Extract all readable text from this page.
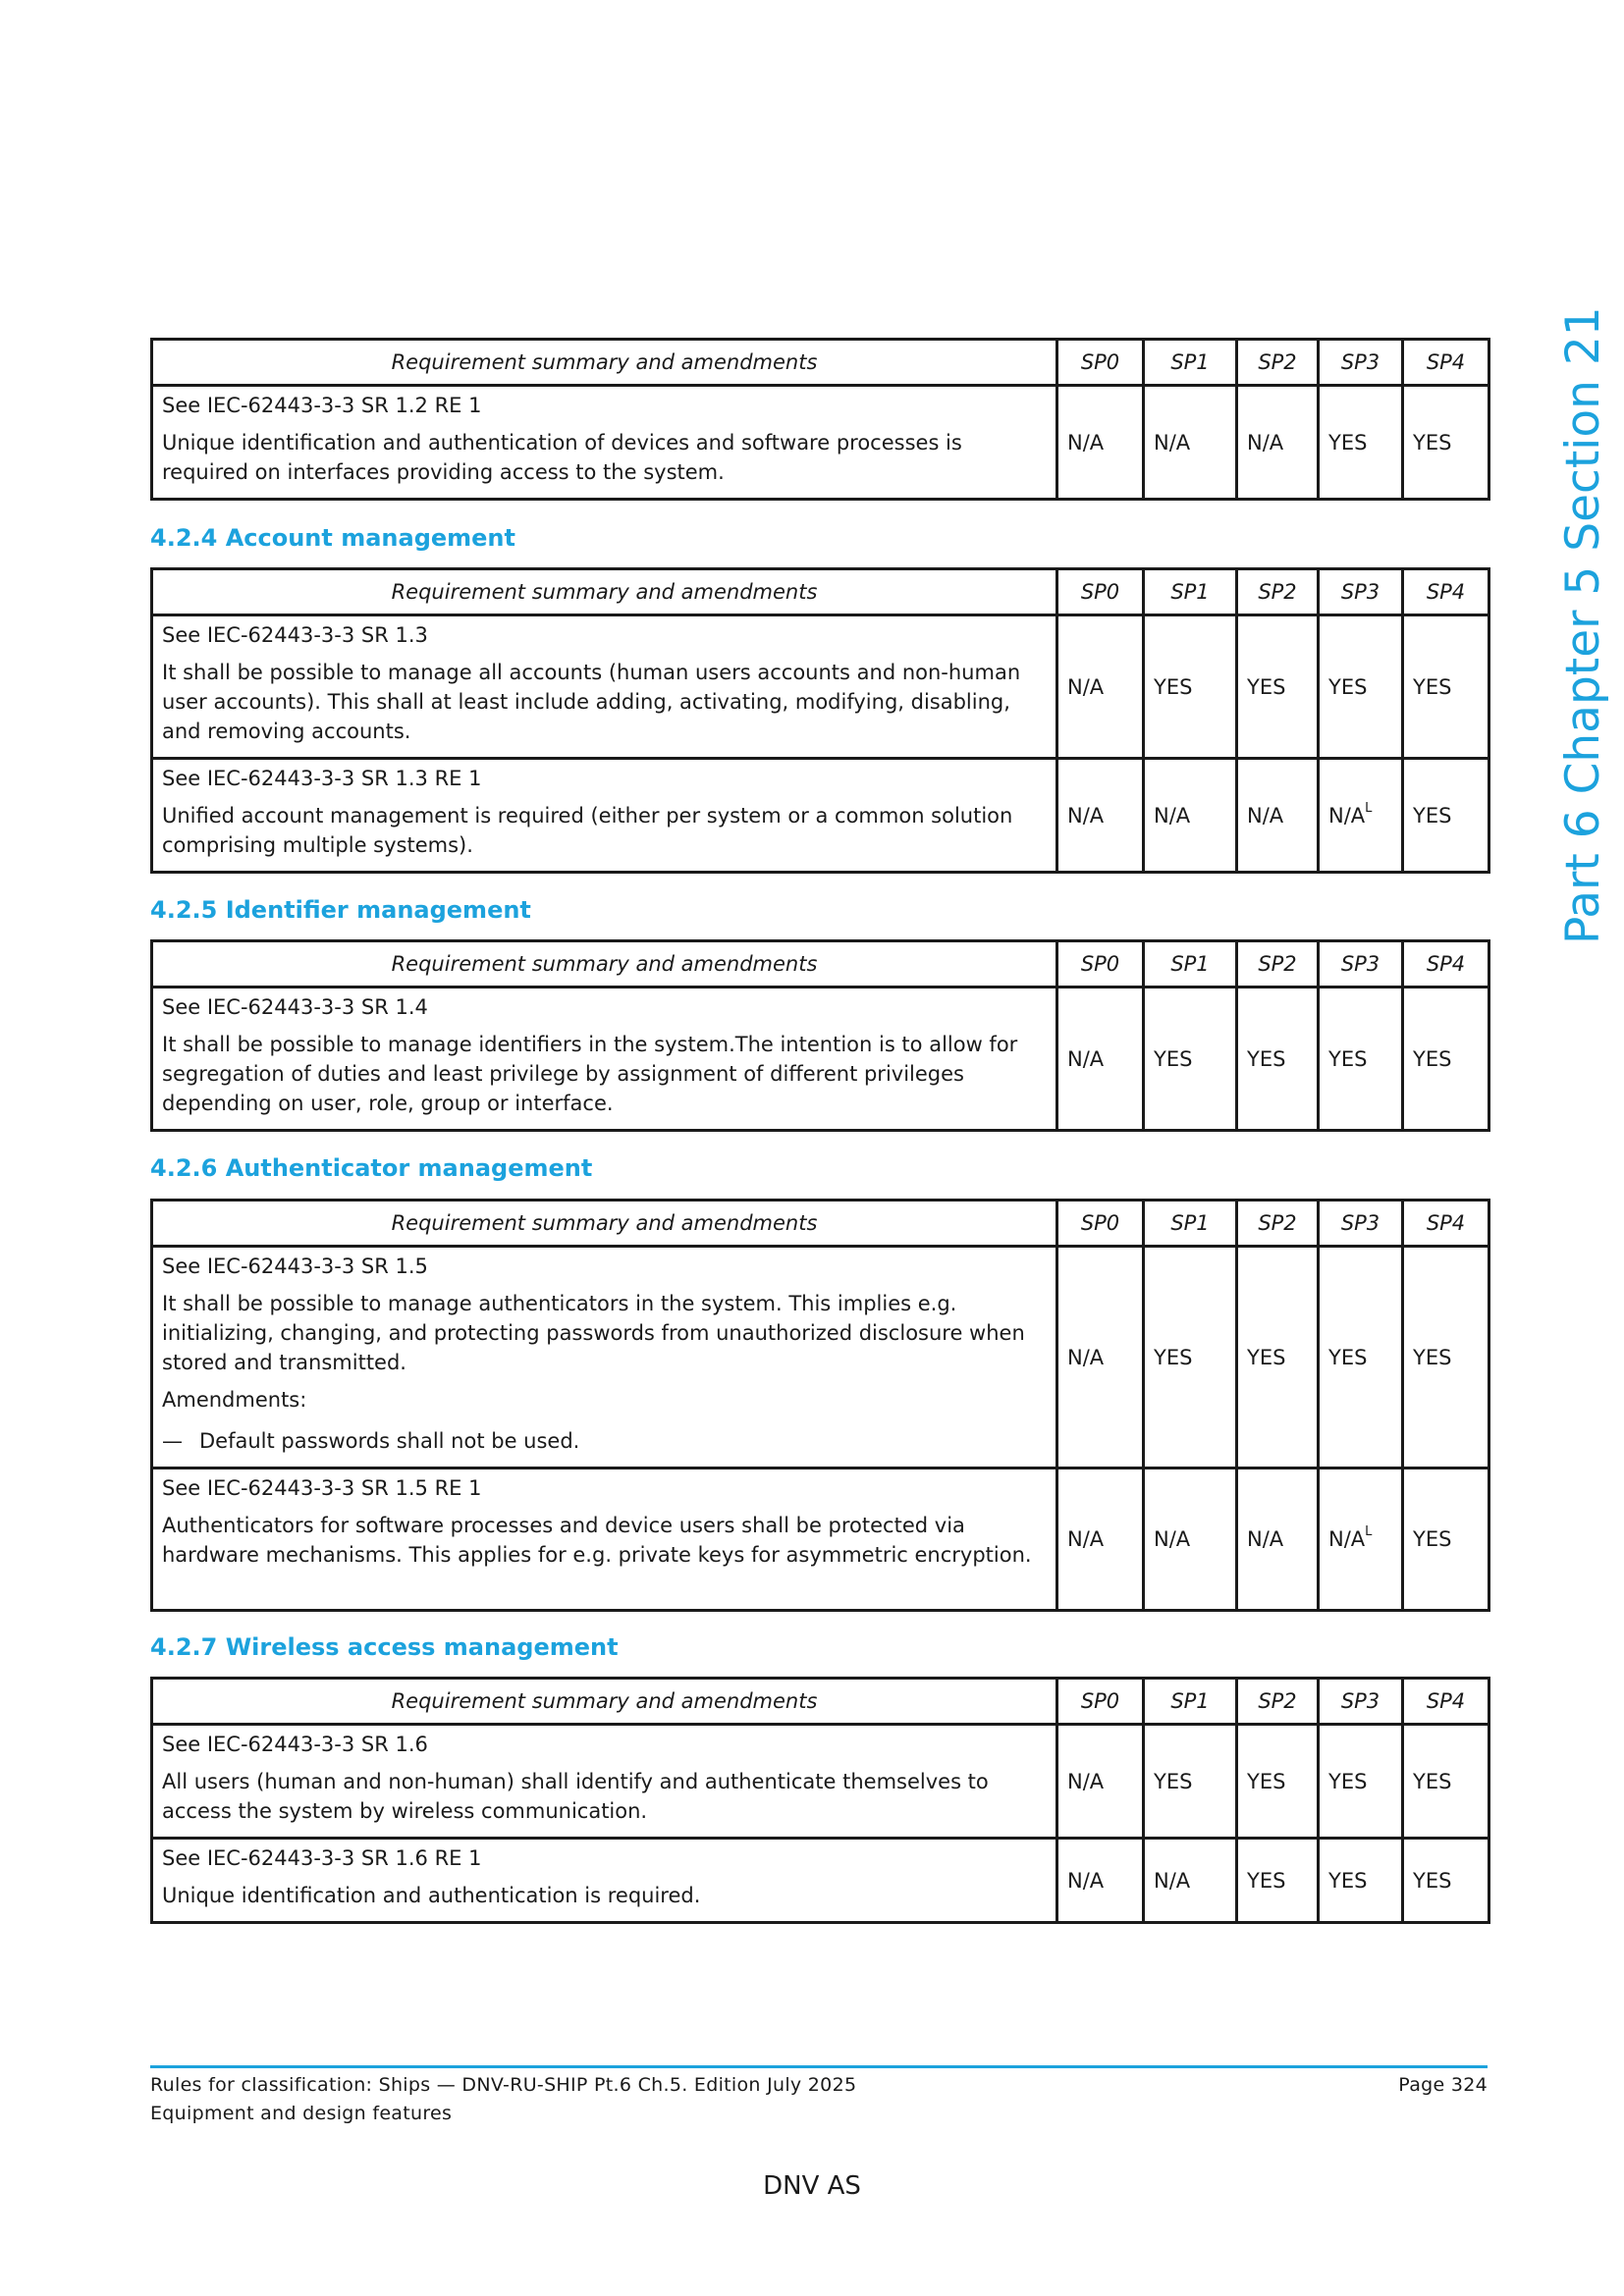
Requirement summary and amendments	SP0	SP1	SP2	SP3	SP4

See IEC-62443-3-3 SR 1.2 RE 1
Unique identification and authentication of devices and software processes is required on interfaces providing access to the system.	N/A	N/A	N/A	YES	YES
4.2.4 Account management
Requirement summary and amendments	SP0	SP1	SP2	SP3	SP4

See IEC-62443-3-3 SR 1.3
It shall be possible to manage all accounts (human users accounts and non-human user accounts). This shall at least include adding, activating, modifying, disabling, and removing accounts.	N/A	YES	YES	YES	YES

See IEC-62443-3-3 SR 1.3 RE 1
Unified account management is required (either per system or a common solution comprising multiple systems).	N/A	N/A	N/A	$N/A^L$	YES
4.2.5 Identifier management
Requirement summary and amendments	SP0	SP1	SP2	SP3	SP4

See IEC-62443-3-3 SR 1.4
It shall be possible to manage identifiers in the system.The intention is to allow for segregation of duties and least privilege by assignment of different privileges depending on user, role, group or interface.	N/A	YES	YES	YES	YES
4.2.6 Authenticator management
Requirement summary and amendments	SP0	SP1	SP2	SP3	SP4

See IEC-62443-3-3 SR 1.5
It shall be possible to manage authenticators in the system. This implies e.g. initializing, changing, and protecting passwords from unauthorized disclosure when stored and transmitted.
Amendments:
— Default passwords shall not be used.	N/A	YES	YES	YES	YES

See IEC-62443-3-3 SR 1.5 RE 1
Authenticators for software processes and device users shall be protected via hardware mechanisms. This applies for e.g. private keys for asymmetric encryption.	N/A	N/A	N/A	$N/A^L$	YES
4.2.7 Wireless access management
Requirement summary and amendments	SP0	SP1	SP2	SP3	SP4

See IEC-62443-3-3 SR 1.6
All users (human and non-human) shall identify and authenticate themselves to access the system by wireless communication.	N/A	YES	YES	YES	YES

See IEC-62443-3-3 SR 1.6 RE 1
Unique identification and authentication is required.	N/A	N/A	YES	YES	YES
Part 6 Chapter 5 Section 21
Rules for classification: Ships — DNV-RU-SHIP Pt.6 Ch.5. Edition July 2025
Equipment and design features
Page 324
DNV AS
